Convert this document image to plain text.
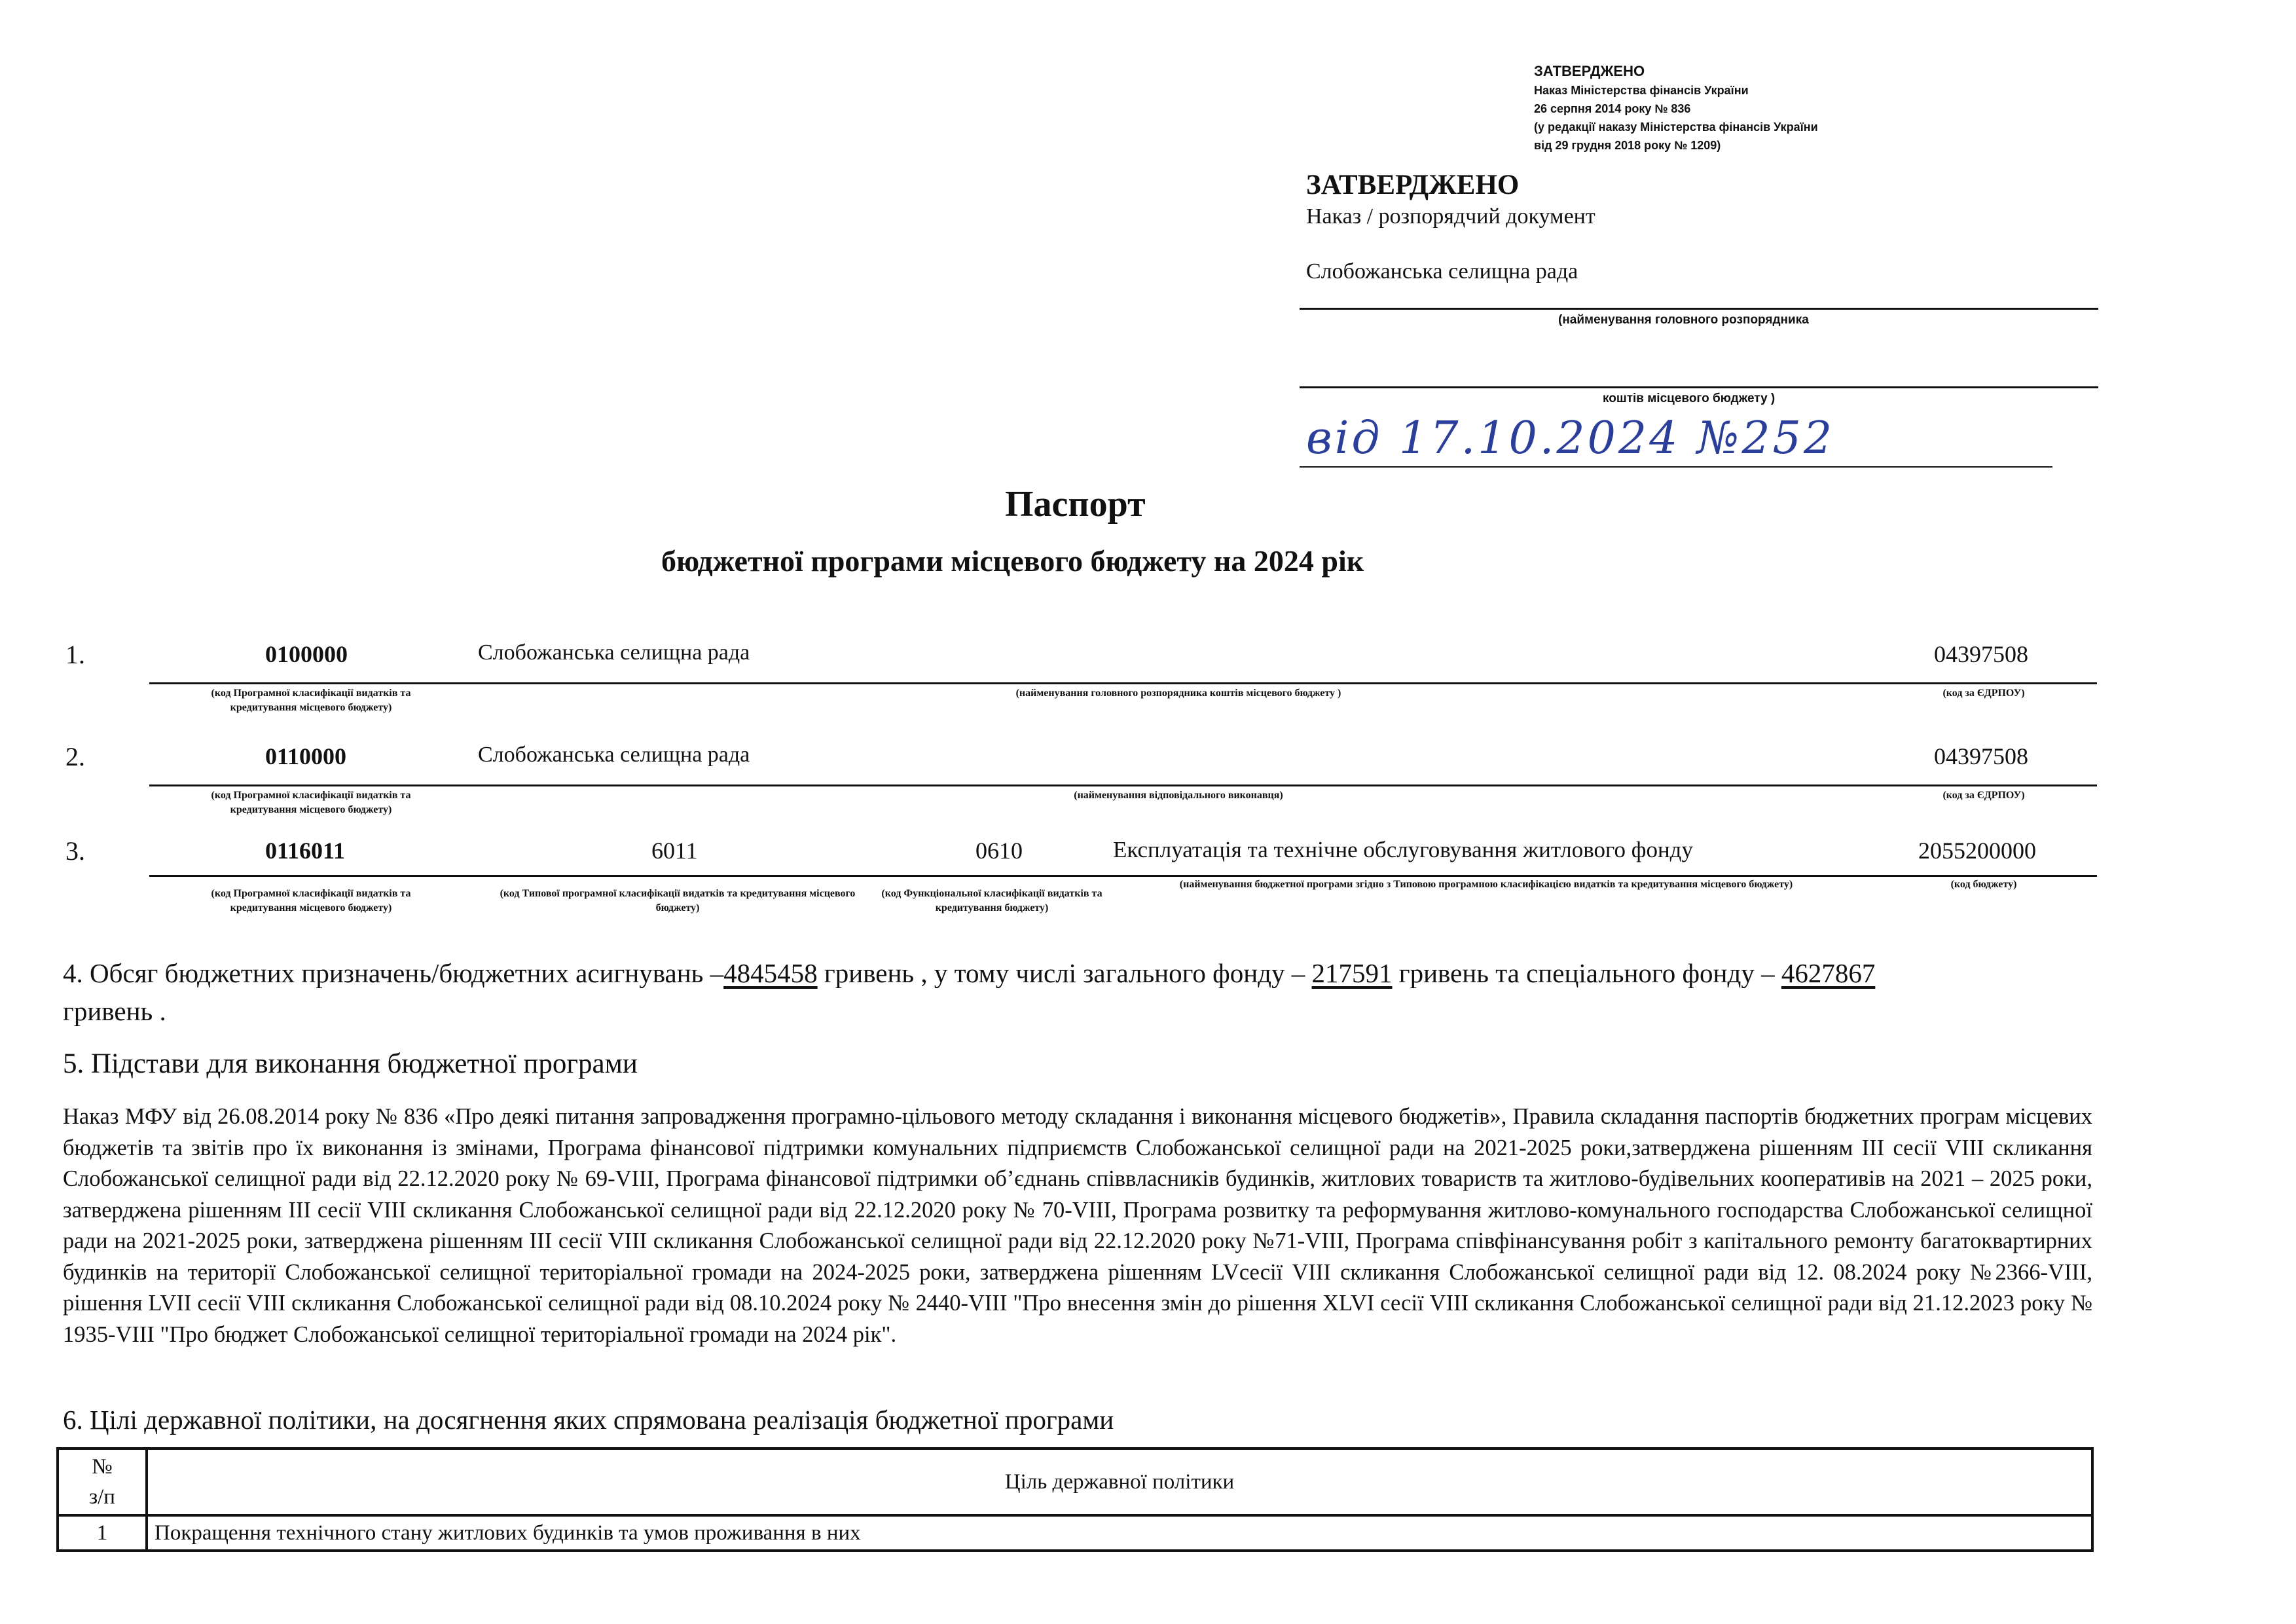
ЗАТВЕРДЖЕНО
Наказ Міністерства фінансів України
26 серпня 2014 року № 836
(у редакції наказу Міністерства фінансів України
від 29 грудня 2018 року № 1209)
ЗАТВЕРДЖЕНО
Наказ / розпорядчий документ
Слобожанська селищна рада
(найменування головного розпорядника
коштів місцевого бюджету )
від 17.10.2024 №252
Паспорт
бюджетної програми місцевого бюджету на 2024 рік
1.	0100000	Слобожанська селищна рада	04397508
(код Програмної класифікації видатків та кредитування місцевого бюджету)
(найменування головного розпорядника коштів місцевого бюджету )	(код за ЄДРПОУ)
2.	0110000	Слобожанська селищна рада	04397508
(код Програмної класифікації видатків та кредитування місцевого бюджету)
(найменування відповідального виконавця)	(код за ЄДРПОУ)
3.	0116011	6011	0610	Експлуатація та технічне обслуговування житлового фонду	2055200000
(код Програмної класифікації видатків та кредитування місцевого бюджету)
(код Типової програмної класифікації видатків та кредитування місцевого бюджету)
(код Функціональної класифікації видатків та кредитування бюджету)
(найменування бюджетної програми згідно з Типовою програмною класифікацією видатків та кредитування місцевого бюджету)	(код бюджету)
4. Обсяг бюджетних призначень/бюджетних асигнувань –4845458 гривень , у тому числі загального фонду – 217591 гривень та спеціального фонду – 4627867
гривень .
5. Підстави для виконання бюджетної програми
Наказ МФУ від 26.08.2014 року № 836 «Про деякі питання запровадження програмно-цільового методу складання і виконання місцевого бюджетів», Правила складання паспортів бюджетних програм місцевих бюджетів та звітів про їх виконання із змінами, Програма фінансової підтримки комунальних підприємств Слобожанської селищної ради на 2021-2025 роки,затверджена рішенням ІІІ сесії VІІІ скликання Слобожанської селищної ради від 22.12.2020 року № 69-VІІІ, Програма фінансової підтримки об’єднань співвласників будинків, житлових товариств та житлово-будівельних кооперативів на 2021 – 2025 роки, затверджена рішенням ІІІ сесії VІІІ скликання Слобожанської селищної ради від 22.12.2020 року № 70-VІІІ, Програма розвитку та реформування житлово-комунального господарства Слобожанської селищної ради на 2021-2025 роки, затверджена рішенням ІІІ сесії VІІІ скликання Слобожанської селищної ради від 22.12.2020 року №71-VІІІ, Програма співфінансування робіт з капітального ремонту багатоквартирних будинків на території Слобожанської селищної територіальної громади на 2024-2025 роки, затверджена рішенням LVсесії VIII скликання Слобожанської селищної ради від 12. 08.2024 року №2366-VIII, рішення LVІІ сесії VІІІ скликання Слобожанської селищної ради від 08.10.2024 року № 2440-VІІІ "Про внесення змін до рішення XLVI сесії VIII скликання Слобожанської селищної ради від 21.12.2023 року № 1935-VIII "Про бюджет Слобожанської селищної територіальної громади на 2024 рік".
6. Цілі державної політики, на досягнення яких спрямована реалізація бюджетної програми
№
з/п	Ціль державної політики
1	Покращення технічного стану житлових будинків та умов проживання в них
